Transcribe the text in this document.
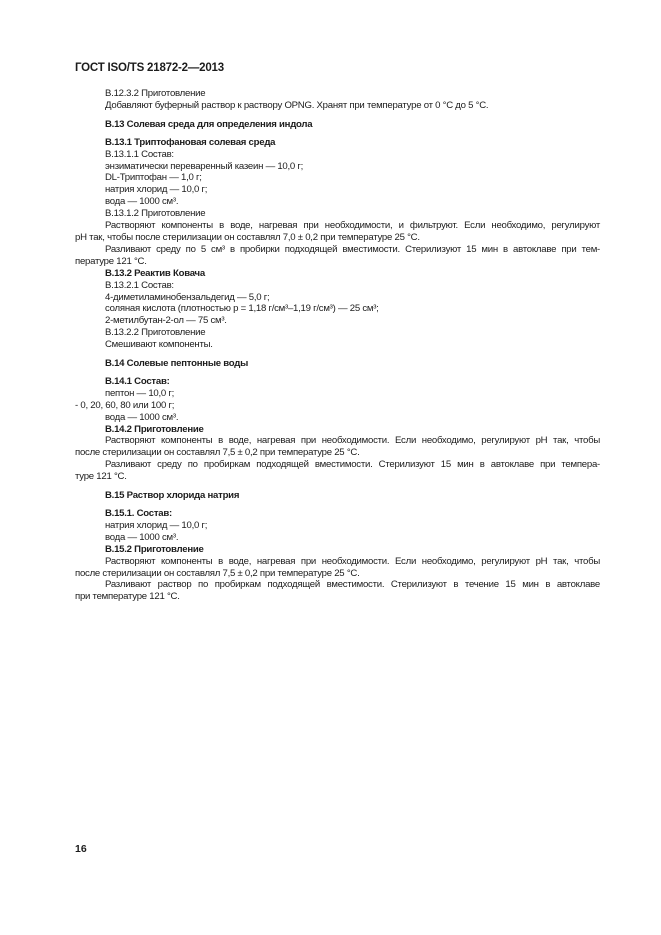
ГОСТ ISO/TS 21872-2—2013
В.12.3.2 Приготовление
Добавляют буферный раствор к раствору OPNG. Хранят при температуре от 0 °С до 5 °С.
В.13 Солевая среда для определения индола
В.13.1 Триптофановая солевая среда
В.13.1.1 Состав:
энзиматически переваренный казеин — 10,0 г;
DL-Триптофан — 1,0 г;
натрия хлорид — 10,0 г;
вода — 1000 см³.
В.13.1.2 Приготовление
Растворяют компоненты в воде, нагревая при необходимости, и фильтруют. Если необходимо, регулируют
pH так, чтобы после стерилизации он составлял 7,0 ± 0,2 при температуре 25 °С.
Разливают среду по 5 см³ в пробирки подходящей вместимости. Стерилизуют 15 мин в автоклаве при тем-
пературе 121 °С.
В.13.2 Реактив Ковача
В.13.2.1 Состав:
4-диметиламинобензальдегид — 5,0 г;
соляная кислота (плотностью р = 1,18 г/см³–1,19 г/см³) — 25 см³;
2-метилбутан-2-ол — 75 см³.
В.13.2.2 Приготовление
Смешивают компоненты.
В.14 Солевые пептонные воды
В.14.1 Состав:
пептон — 10,0 г;
- 0, 20, 60, 80 или 100 г;
вода — 1000 см³.
В.14.2 Приготовление
Растворяют компоненты в воде, нагревая при необходимости. Если необходимо, регулируют pH так, чтобы
после стерилизации он составлял 7,5 ± 0,2 при температуре 25 °С.
Разливают среду по пробиркам подходящей вместимости. Стерилизуют 15 мин в автоклаве при темпера-
туре 121 °С.
В.15 Раствор хлорида натрия
В.15.1. Состав:
натрия хлорид — 10,0 г;
вода — 1000 см³.
В.15.2 Приготовление
Растворяют компоненты в воде, нагревая при необходимости. Если необходимо, регулируют pH так, чтобы
после стерилизации он составлял 7,5 ± 0,2 при температуре 25 °С.
Разливают раствор по пробиркам подходящей вместимости. Стерилизуют в течение 15 мин в автоклаве
при температуре 121 °С.
16
